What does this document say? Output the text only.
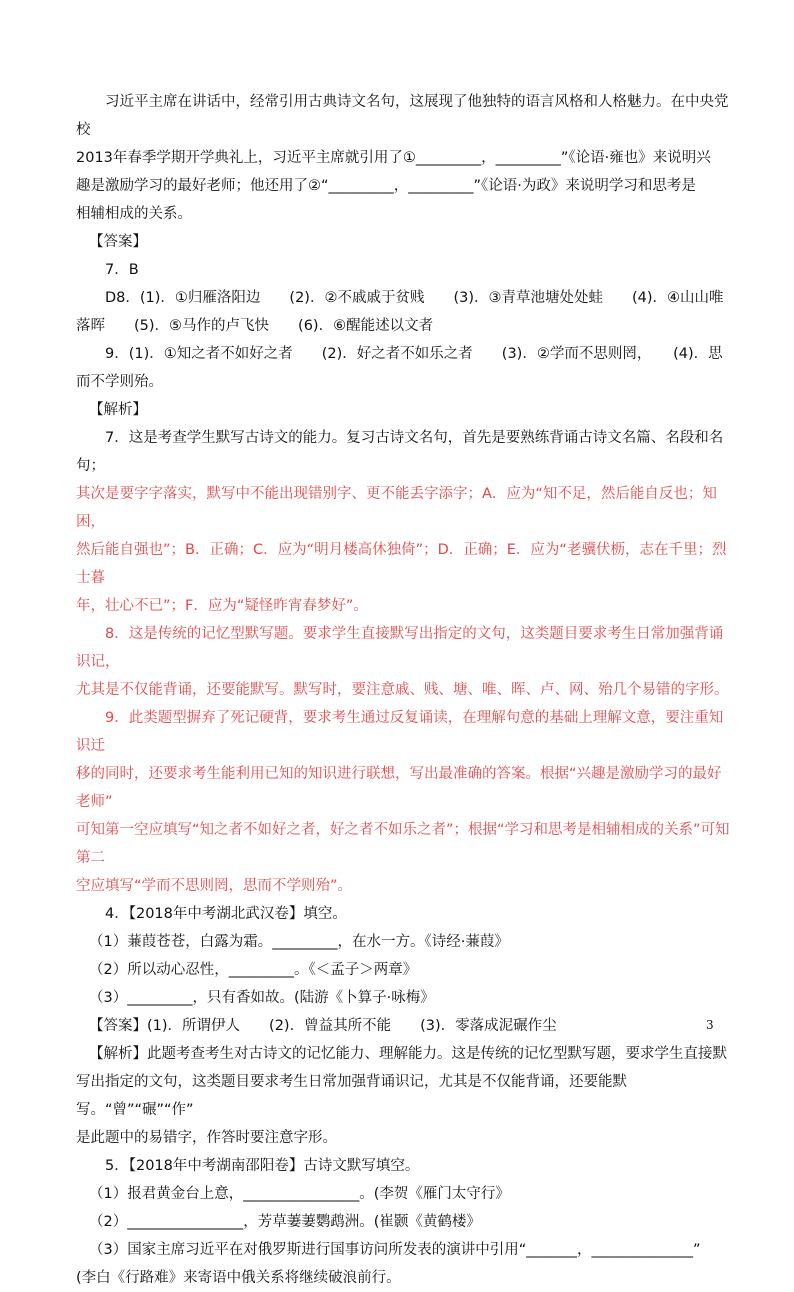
习近平主席在讲话中，经常引用古典诗文名句，这展现了他独特的语言风格和人格魅力。在中央党校

2013年春季学期开学典礼上，习近平主席就引用了①_________，_________”《论语·雍也》来说明兴

趣是激励学习的最好老师；他还用了②“_________，_________”《论语·为政》来说明学习和思考是

相辅相成的关系。

【答案】

7．B

D8．(1)．①归雁洛阳边　　(2)．②不戚戚于贫贱　　(3)．③青草池塘处处蛙　　(4)．④山山唯

落晖　　(5)．⑤马作的卢飞快　　(6)．⑥醒能述以文者

9．(1)．①知之者不如好之者　　(2)．好之者不如乐之者　　(3)．②学而不思则罔，　　(4)．思

而不学则殆。

【解析】

7．这是考查学生默写古诗文的能力。复习古诗文名句，首先是要熟练背诵古诗文名篇、名段和名句；

其次是要字字落实，默写中不能出现错别字、更不能丢字添字；A．应为“知不足，然后能自反也；知困，

然后能自强也”；B．正确；C．应为“明月楼高休独倚”；D．正确；E．应为“老骥伏枥，志在千里；烈士暮

年，壮心不已”；F．应为“疑怪昨宵春梦好”。

8．这是传统的记忆型默写题。要求学生直接默写出指定的文句，这类题目要求考生日常加强背诵识记，

尤其是不仅能背诵，还要能默写。默写时，要注意戚、贱、塘、唯、晖、卢、网、殆几个易错的字形。

9．此类题型摒弃了死记硬背，要求考生通过反复诵读，在理解句意的基础上理解文意，要注重知识迁

移的同时，还要求考生能利用已知的知识进行联想，写出最准确的答案。根据“兴趣是激励学习的最好老师”

可知第一空应填写“知之者不如好之者，好之者不如乐之者”；根据“学习和思考是相辅相成的关系”可知第二

空应填写“学而不思则罔，思而不学则殆”。

4．【2018年中考湖北武汉卷】填空。

（1）蒹葭苍苍，白露为霜。_________，在水一方。《诗经·蒹葭》

（2）所以动心忍性，_________。《＜孟子＞两章》

（3）_________，只有香如故。(陆游《卜算子·咏梅》

【答案】(1)．所谓伊人　　(2)．曾益其所不能　　(3)．零落成泥碾作尘

【解析】此题考查考生对古诗文的记忆能力、理解能力。这是传统的记忆型默写题，要求学生直接默

写出指定的文句，这类题目要求考生日常加强背诵识记，尤其是不仅能背诵，还要能默写。“曾”“碾”“作”

是此题中的易错字，作答时要注意字形。

5．【2018年中考湖南邵阳卷】古诗文默写填空。

（1）报君黄金台上意，________________。(李贺《雁门太守行》

（2）________________，芳草萋萋鹦鹉洲。(崔颢《黄鹤楼》

（3）国家主席习近平在对俄罗斯进行国事访问所发表的演讲中引用“_______，______________”

(李白《行路难》来寄语中俄关系将继续破浪前行。

3
